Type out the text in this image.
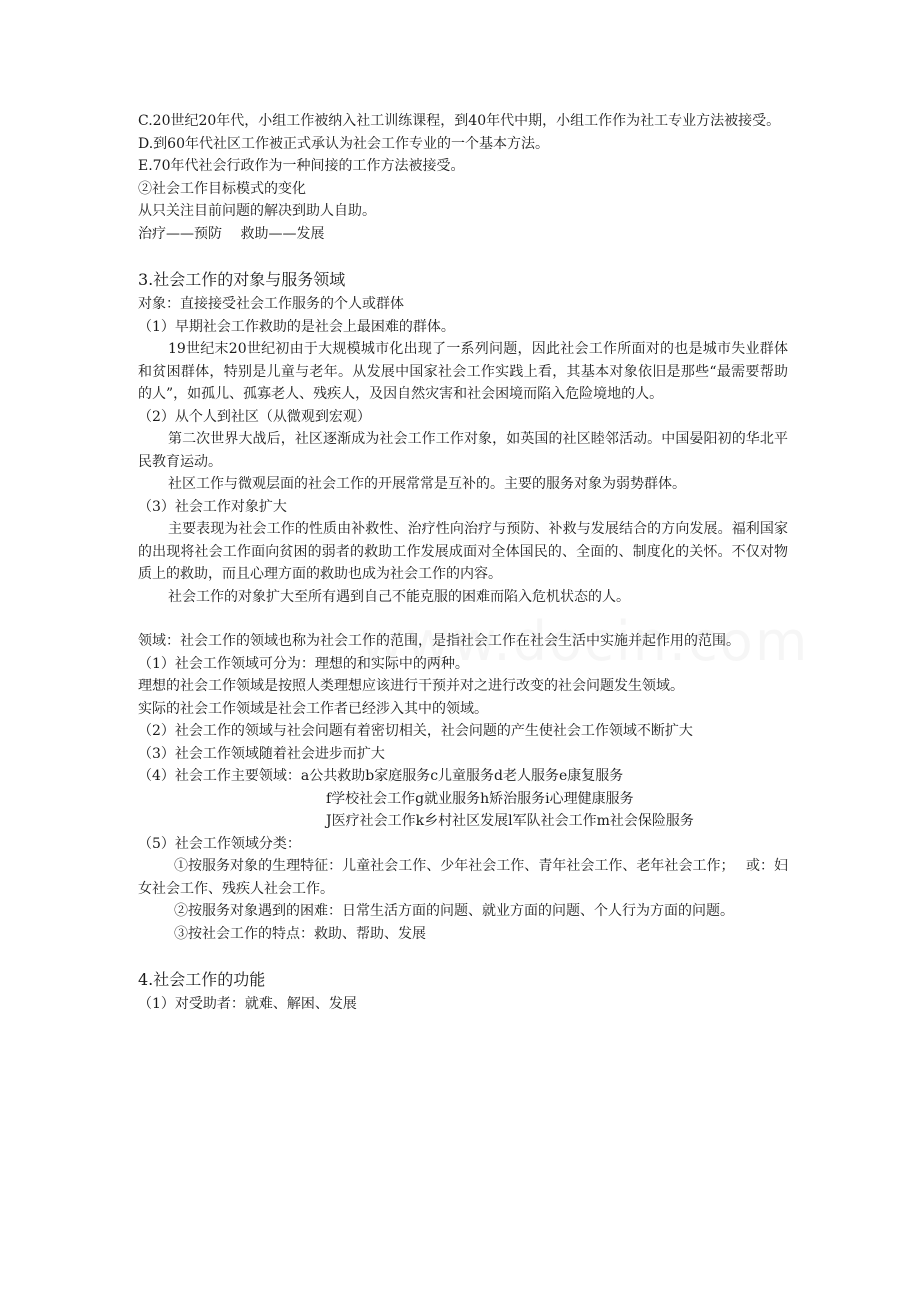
C.20世纪20年代，小组工作被纳入社工训练课程，到40年代中期，小组工作作为社工专业方法被接受。

D.到60年代社区工作被正式承认为社会工作专业的一个基本方法。

E.70年代社会行政作为一种间接的工作方法被接受。

②社会工作目标模式的变化

从只关注目前问题的解决到助人自助。

治疗——预防　 救助——发展

3.社会工作的对象与服务领域

对象：直接接受社会工作服务的个人或群体

（1）早期社会工作救助的是社会上最困难的群体。

19世纪末20世纪初由于大规模城市化出现了一系列问题，因此社会工作所面对的也是城市失业群体和贫困群体，特别是儿童与老年。从发展中国家社会工作实践上看，其基本对象依旧是那些“最需要帮助的人”，如孤儿、孤寡老人、残疾人，及因自然灾害和社会困境而陷入危险境地的人。

（2）从个人到社区（从微观到宏观）

第二次世界大战后，社区逐渐成为社会工作工作对象，如英国的社区睦邻活动。中国晏阳初的华北平民教育运动。

社区工作与微观层面的社会工作的开展常常是互补的。主要的服务对象为弱势群体。

（3）社会工作对象扩大

主要表现为社会工作的性质由补救性、治疗性向治疗与预防、补救与发展结合的方向发展。福利国家的出现将社会工作面向贫困的弱者的救助工作发展成面对全体国民的、全面的、制度化的关怀。不仅对物质上的救助，而且心理方面的救助也成为社会工作的内容。

社会工作的对象扩大至所有遇到自己不能克服的困难而陷入危机状态的人。

领域：社会工作的领域也称为社会工作的范围，是指社会工作在社会生活中实施并起作用的范围。

（1）社会工作领域可分为：理想的和实际中的两种。

理想的社会工作领域是按照人类理想应该进行干预并对之进行改变的社会问题发生领域。

实际的社会工作领域是社会工作者已经涉入其中的领域。

（2）社会工作的领域与社会问题有着密切相关，社会问题的产生使社会工作领域不断扩大

（3）社会工作领域随着社会进步而扩大

（4）社会工作主要领域：a公共救助b家庭服务c儿童服务d老人服务e康复服务

f学校社会工作g就业服务h矫治服务i心理健康服务

J医疗社会工作k乡村社区发展l军队社会工作m社会保险服务

（5）社会工作领域分类：

①按服务对象的生理特征：儿童社会工作、少年社会工作、青年社会工作、老年社会工作；　 或：妇女社会工作、残疾人社会工作。

②按服务对象遇到的困难：日常生活方面的问题、就业方面的问题、个人行为方面的问题。

③按社会工作的特点：救助、帮助、发展

4.社会工作的功能

（1）对受助者：就难、解困、发展
